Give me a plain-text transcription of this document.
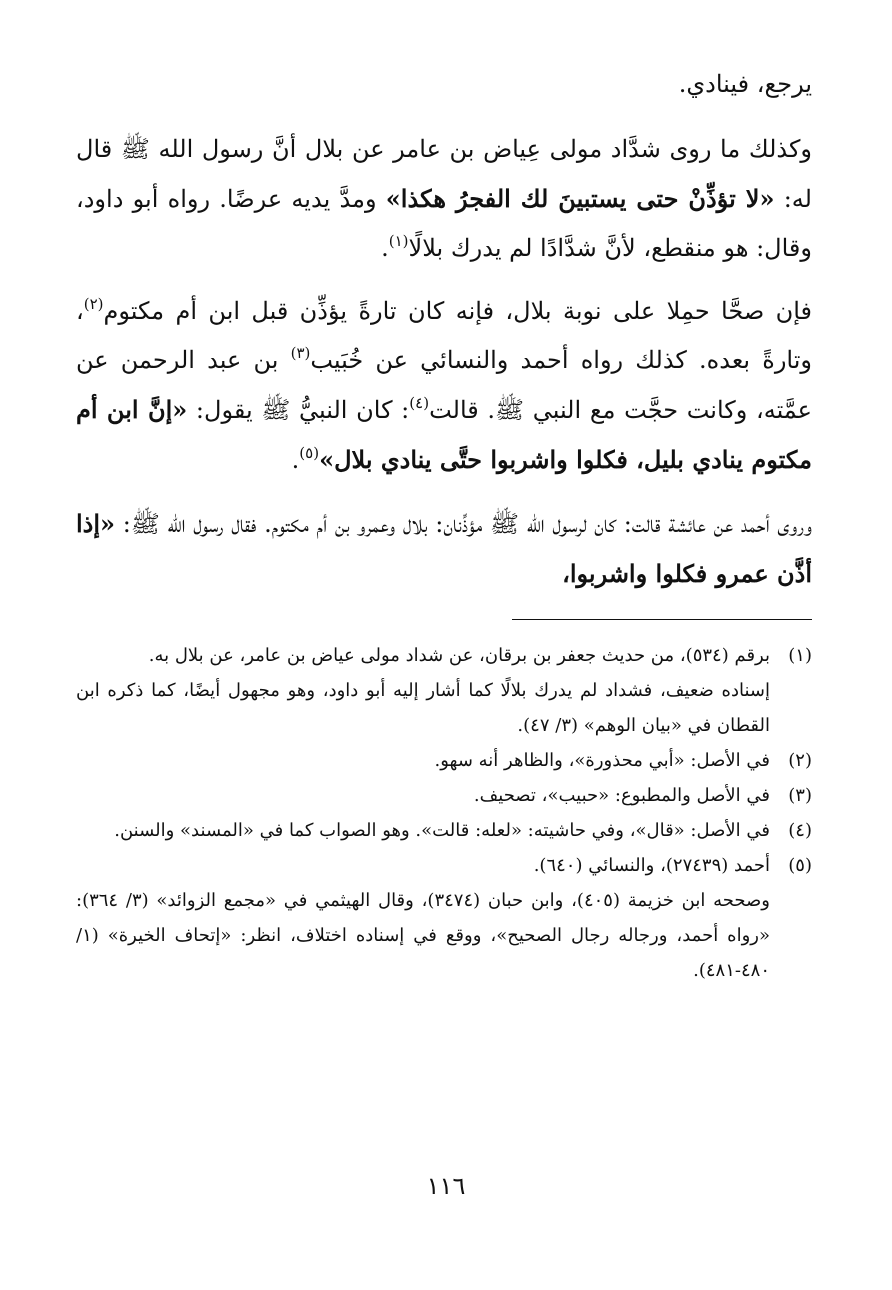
يرجع، فينادي.

وكذلك ما روى شدَّاد مولى عِياض بن عامر عن بلال أنَّ رسول الله ﷺ قال له: «لا تؤذِّنْ حتى يستبينَ لك الفجرُ هكذا» ومدَّ يديه عرضًا. رواه أبو داود، وقال: هو منقطع، لأنَّ شدَّادًا لم يدرك بلالًا$^{(١)}$.

فإن صحَّا حمِلا على نوبة بلال، فإنه كان تارةً يؤذِّن قبل ابن أم مكتوم$^{(٢)}$، وتارةً بعده. كذلك رواه أحمد والنسائي عن خُبَيب$^{(٣)}$ بن عبد الرحمن عن عمَّته، وكانت حجَّت مع النبي ﷺ. قالت$^{(٤)}$: كان النبيُّ ﷺ يقول: «إنَّ ابن أم مكتوم ينادي بليل، فكلوا واشربوا حتَّى ينادي بلال»$^{(٥)}$.

وروى أحمد عن عائشة قالت: كان لرسول الله ﷺ مؤذِّنان: بلال وعمرو بن أم مكتوم. فقال رسول الله ﷺ: «إذا أذَّن عمرو فكلوا واشربوا،

(١)
برقم (٥٣٤)، من حديث جعفر بن برقان، عن شداد مولى عياض بن عامر، عن بلال به.
إسناده ضعيف، فشداد لم يدرك بلالًا كما أشار إليه أبو داود، وهو مجهول أيضًا، كما ذكره ابن القطان في «بيان الوهم» (٣/ ٤٧).
(٢)
في الأصل: «أبي محذورة»، والظاهر أنه سهو.
(٣)
في الأصل والمطبوع: «حبيب»، تصحيف.
(٤)
في الأصل: «قال»، وفي حاشيته: «لعله: قالت». وهو الصواب كما في «المسند» والسنن.
(٥)
أحمد (٢٧٤٣٩)، والنسائي (٦٤٠).
وصححه ابن خزيمة (٤٠٥)، وابن حبان (٣٤٧٤)، وقال الهيثمي في «مجمع الزوائد» (٣/ ٣٦٤): «رواه أحمد، ورجاله رجال الصحيح»، ووقع في إسناده اختلاف، انظر: «إتحاف الخيرة» (١/ ٤٨٠-٤٨١).
١١٦
